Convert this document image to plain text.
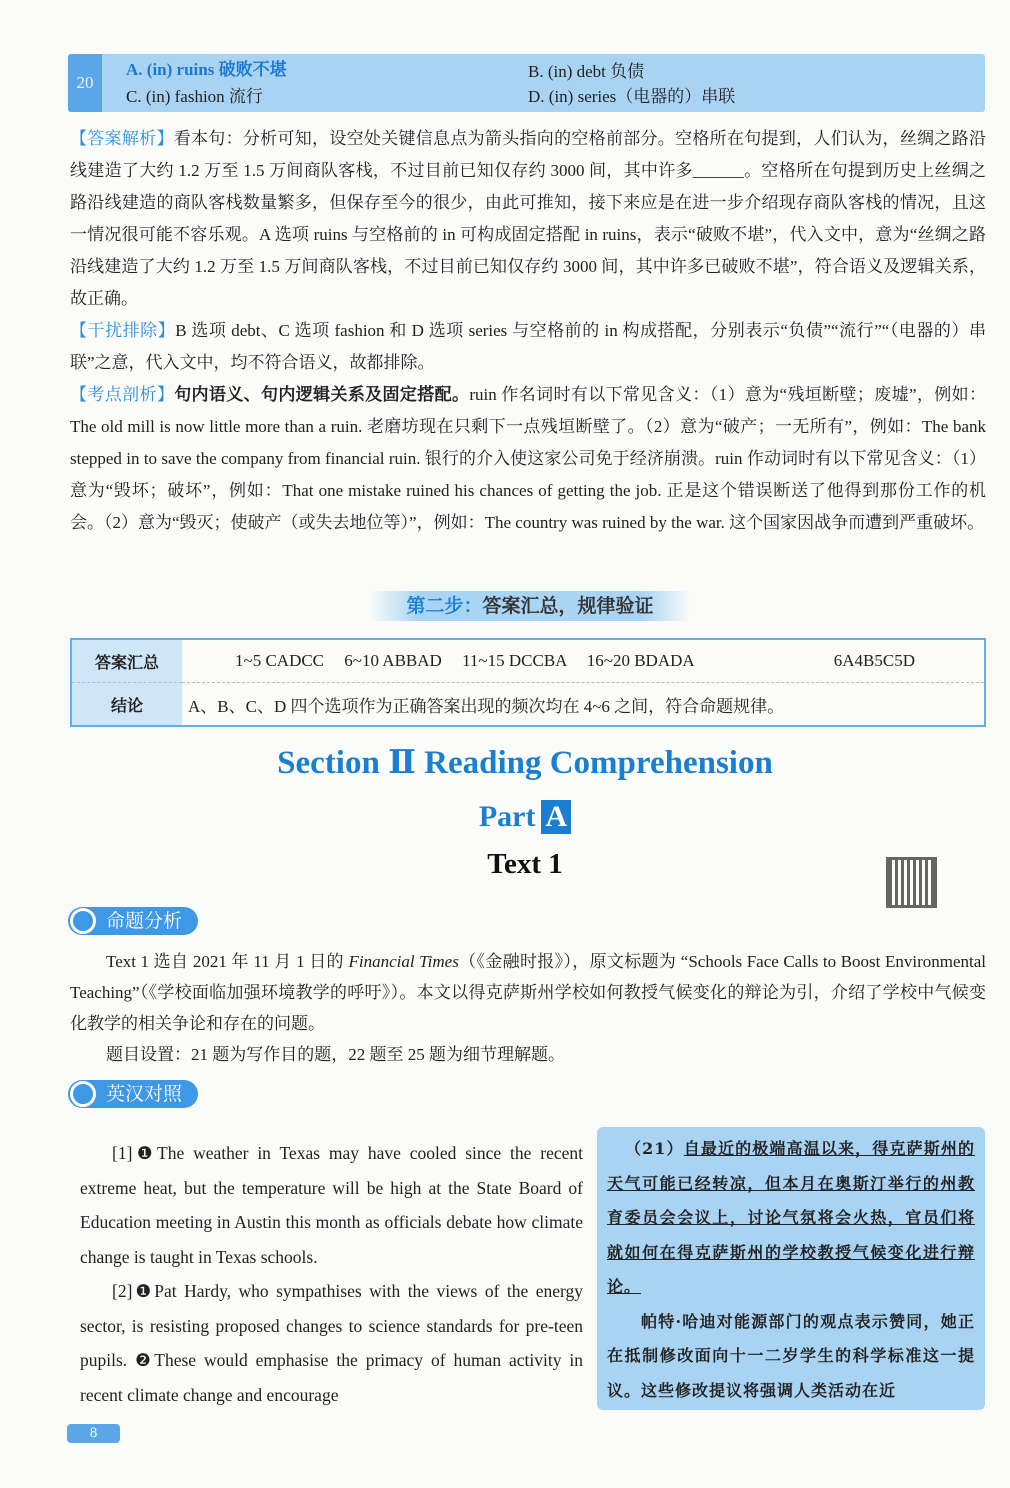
20
A. (in) ruins 破败不堪	B. (in) debt 负债
C. (in) fashion 流行	D. (in) series（电器的）串联

【答案解析】看本句：分析可知，设空处关键信息点为箭头指向的空格前部分。空格所在句提到，人们认为，丝绸之路沿线建造了大约 1.2 万至 1.5 万间商队客栈，不过目前已知仅存约 3000 间，其中许多______。空格所在句提到历史上丝绸之路沿线建造的商队客栈数量繁多，但保存至今的很少，由此可推知，接下来应是在进一步介绍现存商队客栈的情况，且这一情况很可能不容乐观。A 选项 ruins 与空格前的 in 可构成固定搭配 in ruins，表示“破败不堪”，代入文中，意为“丝绸之路沿线建造了大约 1.2 万至 1.5 万间商队客栈，不过目前已知仅存约 3000 间，其中许多已破败不堪”，符合语义及逻辑关系，故正确。

【干扰排除】B 选项 debt、C 选项 fashion 和 D 选项 series 与空格前的 in 构成搭配，分别表示“负债”“流行”“（电器的）串联”之意，代入文中，均不符合语义，故都排除。

【考点剖析】句内语义、句内逻辑关系及固定搭配。ruin 作名词时有以下常见含义：（1）意为“残垣断壁；废墟”，例如：The old mill is now little more than a ruin. 老磨坊现在只剩下一点残垣断壁了。（2）意为“破产；一无所有”，例如：The bank stepped in to save the company from financial ruin. 银行的介入使这家公司免于经济崩溃。ruin 作动词时有以下常见含义：（1）意为“毁坏；破坏”，例如：That one mistake ruined his chances of getting the job. 正是这个错误断送了他得到那份工作的机会。（2）意为“毁灭；使破产（或失去地位等）”，例如：The country was ruined by the war. 这个国家因战争而遭到严重破坏。

第二步：答案汇总，规律验证
答案汇总	1~5 CADCC 6~10 ABBAD 11~15 DCCBA 16~20 BDADA 6A4B5C5D

结论	A、B、C、D 四个选项作为正确答案出现的频次均在 4~6 之间，符合命题规律。
Section Ⅱ Reading Comprehension
Part A
Text 1
命题分析

Text 1 选自 2021 年 11 月 1 日的 Financial Times（《金融时报》），原文标题为 “Schools Face Calls to Boost Environmental Teaching”（《学校面临加强环境教学的呼吁》）。本文以得克萨斯州学校如何教授气候变化的辩论为引，介绍了学校中气候变化教学的相关争论和存在的问题。

题目设置：21 题为写作目的题，22 题至 25 题为细节理解题。

英汉对照

[1]❶The weather in Texas may have cooled since the recent extreme heat, but the temperature will be high at the State Board of Education meeting in Austin this month as officials debate how climate change is taught in Texas schools.

[2]❶Pat Hardy, who sympathises with the views of the energy sector, is resisting proposed changes to science standards for pre-teen pupils. ❷These would emphasise the primacy of human activity in recent climate change and encourage

（21）自最近的极端高温以来，得克萨斯州的天气可能已经转凉，但本月在奥斯汀举行的州教育委员会会议上，讨论气氛将会火热，官员们将就如何在得克萨斯州的学校教授气候变化进行辩论。

帕特·哈迪对能源部门的观点表示赞同，她正在抵制修改面向十一二岁学生的科学标准这一提议。这些修改提议将强调人类活动在近

8
